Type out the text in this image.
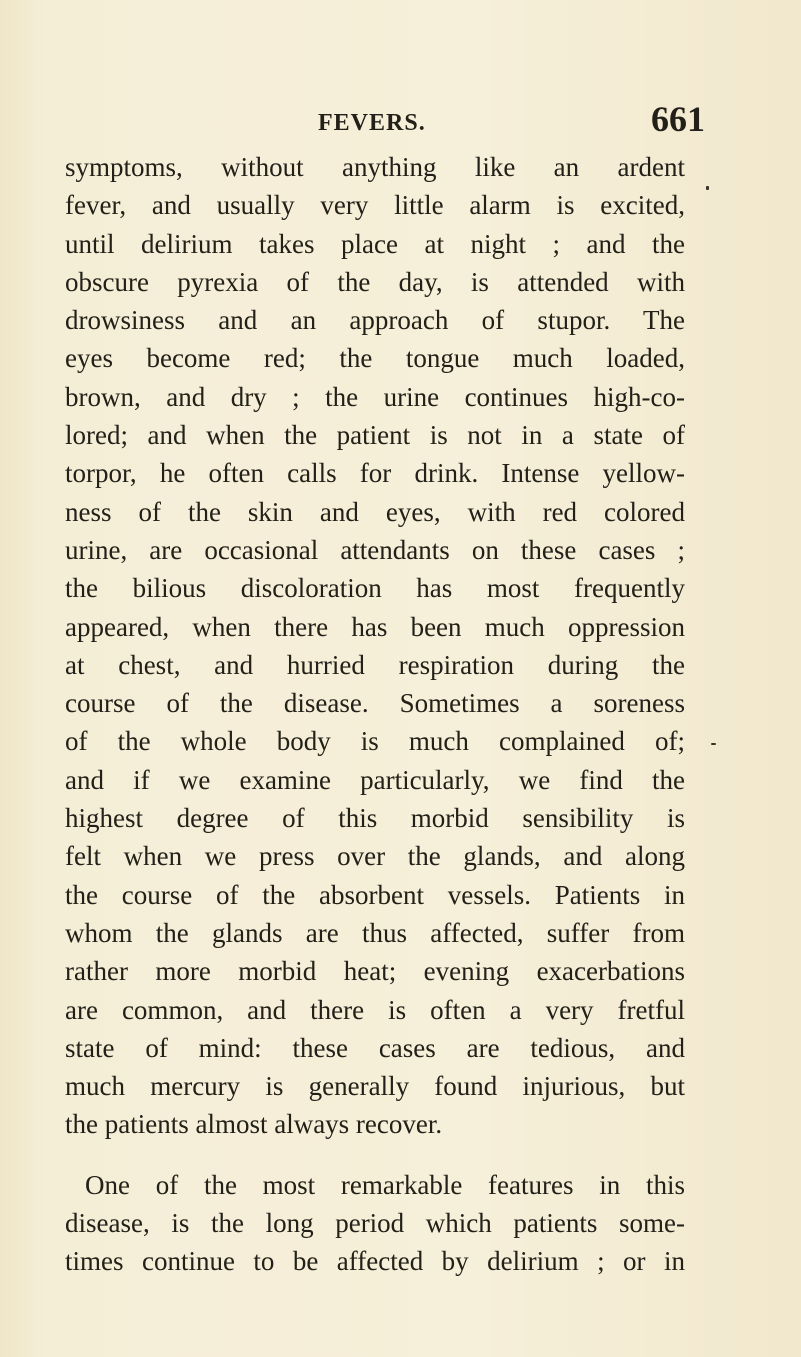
FEVERS.	661
symptoms, without anything like an ardent
fever, and usually very little alarm is excited,
until delirium takes place at night ; and the
obscure pyrexia of the day, is attended with
drowsiness and an approach of stupor. The
eyes become red; the tongue much loaded,
brown, and dry ; the urine continues high-co-
lored; and when the patient is not in a state of
torpor, he often calls for drink. Intense yellow-
ness of the skin and eyes, with red colored
urine, are occasional attendants on these cases ;
the bilious discoloration has most frequently
appeared, when there has been much oppression
at chest, and hurried respiration during the
course of the disease. Sometimes a soreness
of the whole body is much complained of;
and if we examine particularly, we find the
highest degree of this morbid sensibility is
felt when we press over the glands, and along
the course of the absorbent vessels. Patients in
whom the glands are thus affected, suffer from
rather more morbid heat; evening exacerbations
are common, and there is often a very fretful
state of mind: these cases are tedious, and
much mercury is generally found injurious, but
the patients almost always recover.
One of the most remarkable features in this
disease, is the long period which patients some-
times continue to be affected by delirium ; or in
